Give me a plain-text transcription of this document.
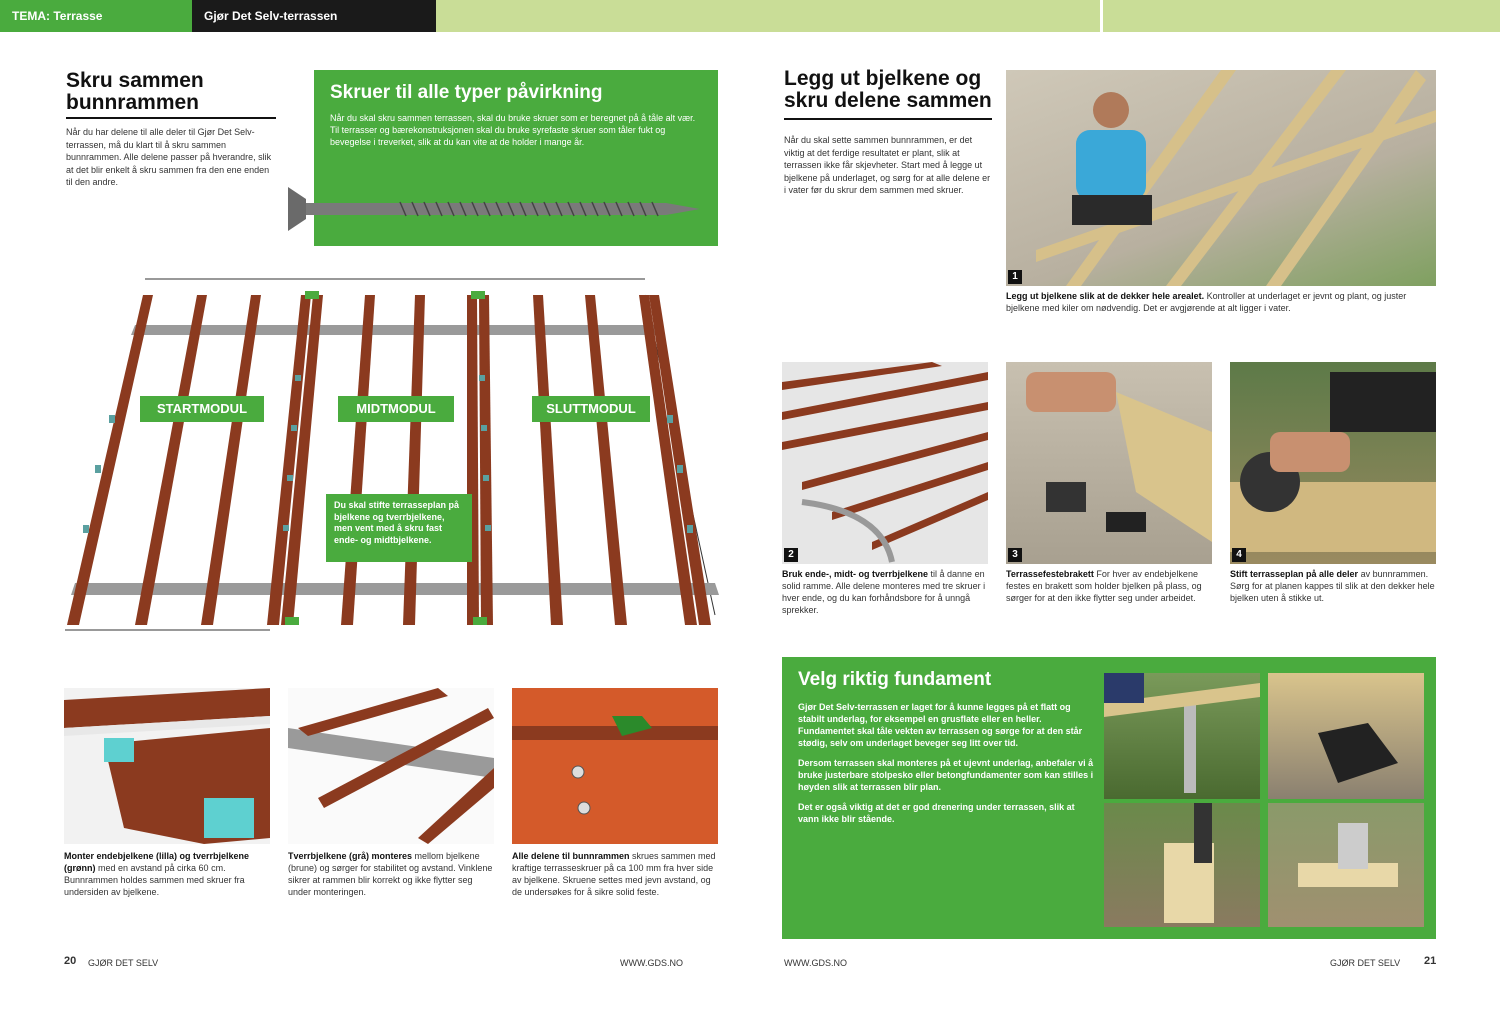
TEMA: Terrasse	Gjør Det Selv-terrassen
Skru sammen bunnrammen
Når du har delene til alle deler til Gjør Det Selv-terrassen, må du klart til å skru sammen bunnrammen. Alle delene passer på hverandre, slik at det blir enkelt å skru sammen fra den ene enden til den andre.
Skruer til alle typer påvirkning
Når du skal skru sammen terrassen, skal du bruke skruer som er beregnet på å tåle alt vær. Til terrasser og bærekonstruksjonen skal du bruke syrefaste skruer som tåler fukt og bevegelse i treverket, slik at du kan vite at de holder i mange år.
STARTMODUL	MIDTMODUL	SLUTTMODUL
Du skal stifte terrasseplan på bjelkene og tverrbjelkene, men vent med å skru fast ende- og midtbjelkene.
Monter endebjelkene (lilla) og tverrbjelkene (grønn) med en avstand på cirka 60 cm. Bunnrammen holdes sammen med skruer fra undersiden av bjelkene.
Tverrbjelkene (grå) monteres mellom bjelkene (brune) og sørger for stabilitet og avstand. Vinklene sikrer at rammen blir korrekt og ikke flytter seg under monteringen.
Alle delene til bunnrammen skrues sammen med kraftige terrasseskruer på ca 100 mm fra hver side av bjelkene. Skruene settes med jevn avstand, og de undersøkes for å sikre solid feste.
20 GJØR DET SELV	WWW.GDS.NO
Legg ut bjelkene og skru delene sammen
Når du skal sette sammen bunnrammen, er det viktig at det ferdige resultatet er plant, slik at terrassen ikke får skjevheter. Start med å legge ut bjelkene på underlaget, og sørg for at alle delene er i vater før du skrur dem sammen med skruer.
1
Legg ut bjelkene slik at de dekker hele arealet. Kontroller at underlaget er jevnt og plant, og juster bjelkene med kiler om nødvendig. Det er avgjørende at alt ligger i vater.
2	3	4
Bruk ende-, midt- og tverrbjelkene til å danne en solid ramme. Alle delene monteres med tre skruer i hver ende, og du kan forhåndsbore for å unngå sprekker.
Terrassefestebrakett For hver av endebjelkene festes en brakett som holder bjelken på plass, og sørger for at den ikke flytter seg under arbeidet.
Stift terrasseplan på alle deler av bunnrammen. Sørg for at planen kappes til slik at den dekker hele bjelken uten å stikke ut.
Velg riktig fundament

Gjør Det Selv-terrassen er laget for å kunne legges på et flatt og stabilt underlag, for eksempel en grusflate eller en heller. Fundamentet skal tåle vekten av terrassen og sørge for at den står stødig, selv om underlaget beveger seg litt over tid.

Dersom terrassen skal monteres på et ujevnt underlag, anbefaler vi å bruke justerbare stolpesko eller betongfundamenter som kan stilles i høyden slik at terrassen blir plan.

Det er også viktig at det er god drenering under terrassen, slik at vann ikke blir stående.

WWW.GDS.NO	GJØR DET SELV 21
